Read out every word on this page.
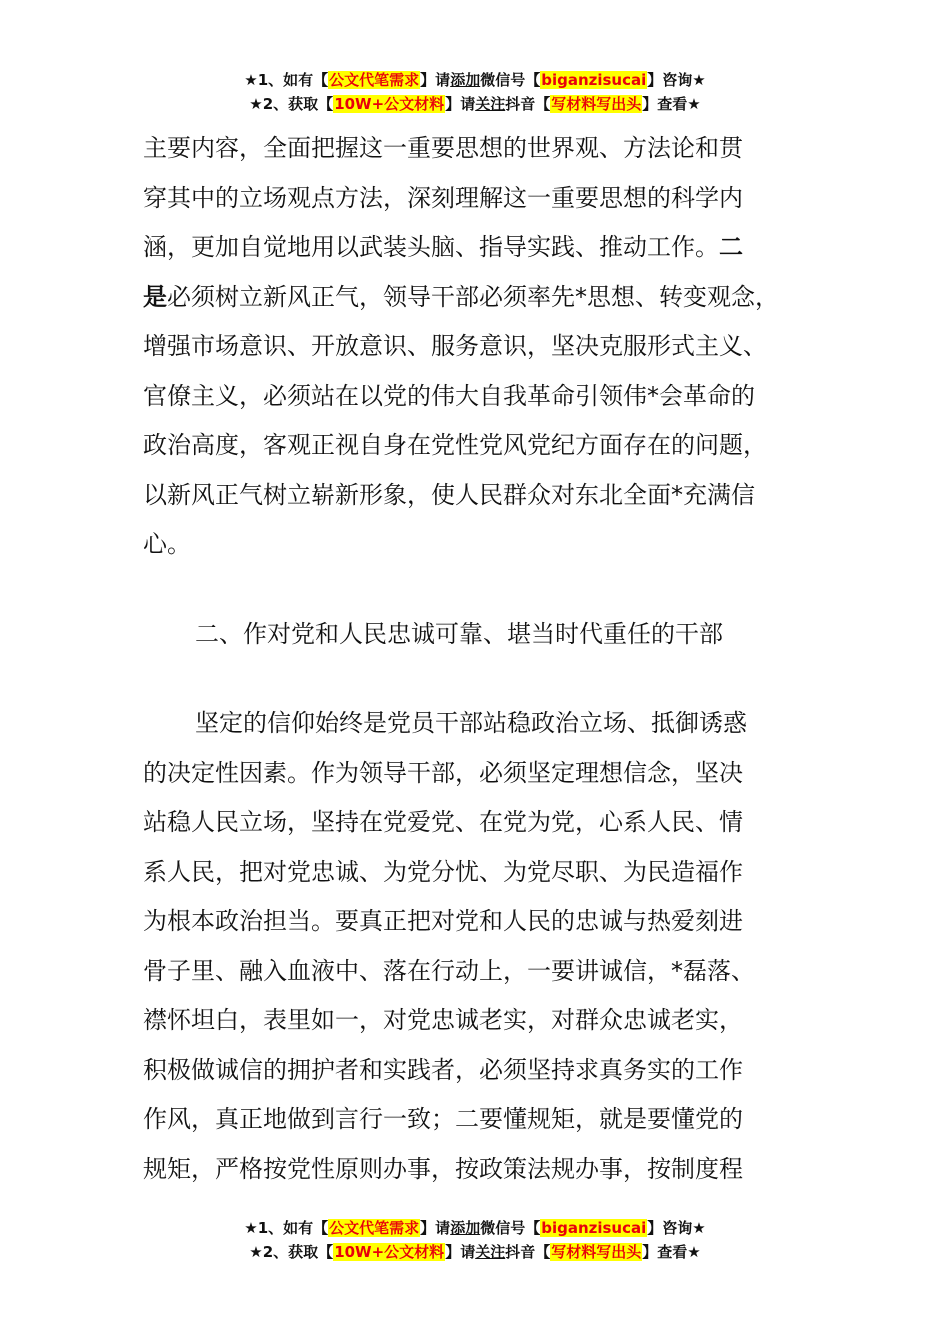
★1、如有【公文代笔需求】请添加微信号【biganzisucai】咨询★
★2、获取【10W+公文材料】请关注抖音【写材料写出头】查看★
主要内容，全面把握这一重要思想的世界观、方法论和贯
穿其中的立场观点方法，深刻理解这一重要思想的科学内
涵，更加自觉地用以武装头脑、指导实践、推动工作。二
是必须树立新风正气，领导干部必须率先*思想、转变观念，
增强市场意识、开放意识、服务意识，坚决克服形式主义、
官僚主义，必须站在以党的伟大自我革命引领伟*会革命的
政治高度，客观正视自身在党性党风党纪方面存在的问题，
以新风正气树立崭新形象，使人民群众对东北全面*充满信
心。
二、作对党和人民忠诚可靠、堪当时代重任的干部
坚定的信仰始终是党员干部站稳政治立场、抵御诱惑
的决定性因素。作为领导干部，必须坚定理想信念，坚决
站稳人民立场，坚持在党爱党、在党为党，心系人民、情
系人民，把对党忠诚、为党分忧、为党尽职、为民造福作
为根本政治担当。要真正把对党和人民的忠诚与热爱刻进
骨子里、融入血液中、落在行动上，一要讲诚信，*磊落、
襟怀坦白，表里如一，对党忠诚老实，对群众忠诚老实，
积极做诚信的拥护者和实践者，必须坚持求真务实的工作
作风，真正地做到言行一致；二要懂规矩，就是要懂党的
规矩，严格按党性原则办事，按政策法规办事，按制度程
★1、如有【公文代笔需求】请添加微信号【biganzisucai】咨询★
★2、获取【10W+公文材料】请关注抖音【写材料写出头】查看★
